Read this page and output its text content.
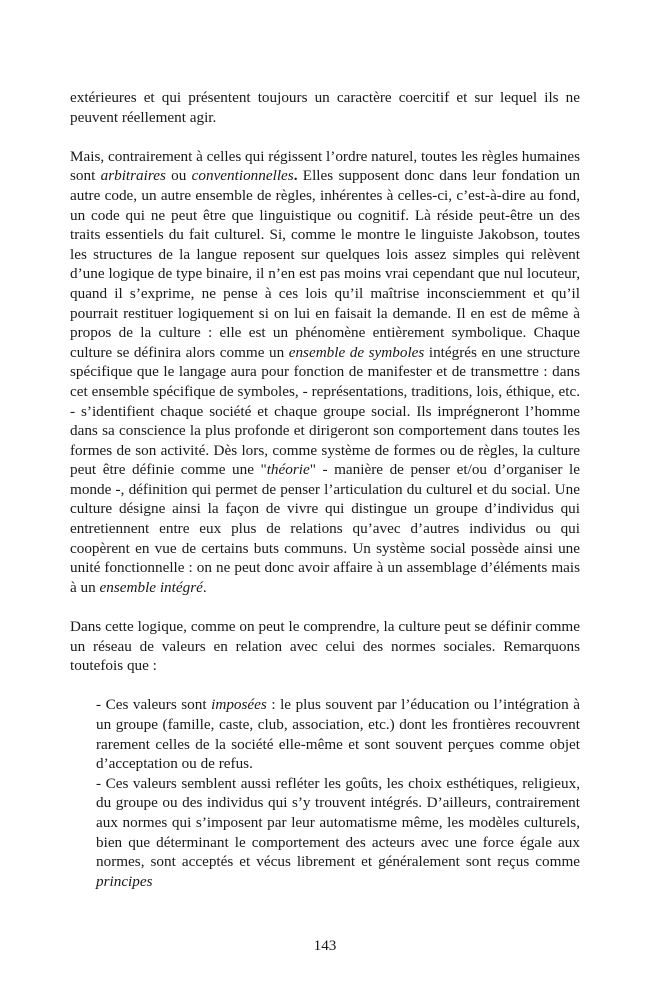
extérieures et qui présentent toujours un caractère coercitif et sur lequel ils ne peuvent réellement agir.

Mais, contrairement à celles qui régissent l’ordre naturel, toutes les règles humaines sont arbitraires ou conventionnelles. Elles supposent donc dans leur fondation un autre code, un autre ensemble de règles, inhérentes à celles-ci, c’est-à-dire au fond, un code qui ne peut être que linguistique ou cognitif. Là réside peut-être un des traits essentiels du fait culturel. Si, comme le montre le linguiste Jakobson, toutes les structures de la langue reposent sur quelques lois assez simples qui relèvent d’une logique de type binaire, il n’en est pas moins vrai cependant que nul locuteur, quand il s’exprime, ne pense à ces lois qu’il maîtrise inconsciemment et qu’il pourrait restituer logiquement si on lui en faisait la demande. Il en est de même à propos de la culture : elle est un phénomène entièrement symbolique. Chaque culture se définira alors comme un ensemble de symboles intégrés en une structure spécifique que le langage aura pour fonction de manifester et de transmettre : dans cet ensemble spécifique de symboles, - représentations, traditions, lois, éthique, etc. - s’identifient chaque société et chaque groupe social. Ils imprégneront l’homme dans sa conscience la plus profonde et dirigeront son comportement dans toutes les formes de son activité. Dès lors, comme système de formes ou de règles, la culture peut être définie comme une "théorie" - manière de penser et/ou d’organiser le monde -, définition qui permet de penser l’articulation du culturel et du social. Une culture désigne ainsi la façon de vivre qui distingue un groupe d’individus qui entretiennent entre eux plus de relations qu’avec d’autres individus ou qui coopèrent en vue de certains buts communs. Un système social possède ainsi une unité fonctionnelle : on ne peut donc avoir affaire à un assemblage d’éléments mais à un ensemble intégré.

Dans cette logique, comme on peut le comprendre, la culture peut se définir comme un réseau de valeurs en relation avec celui des normes sociales. Remarquons toutefois que :

- Ces valeurs sont imposées : le plus souvent par l’éducation ou l’intégration à un groupe (famille, caste, club, association, etc.) dont les frontières recouvrent rarement celles de la société elle-même et sont souvent perçues comme objet d’acceptation ou de refus.

- Ces valeurs semblent aussi refléter les goûts, les choix esthétiques, religieux, du groupe ou des individus qui s’y trouvent intégrés. D’ailleurs, contrairement aux normes qui s’imposent par leur automatisme même, les modèles culturels, bien que déterminant le comportement des acteurs avec une force égale aux normes, sont acceptés et vécus librement et généralement sont reçus comme principes

143
